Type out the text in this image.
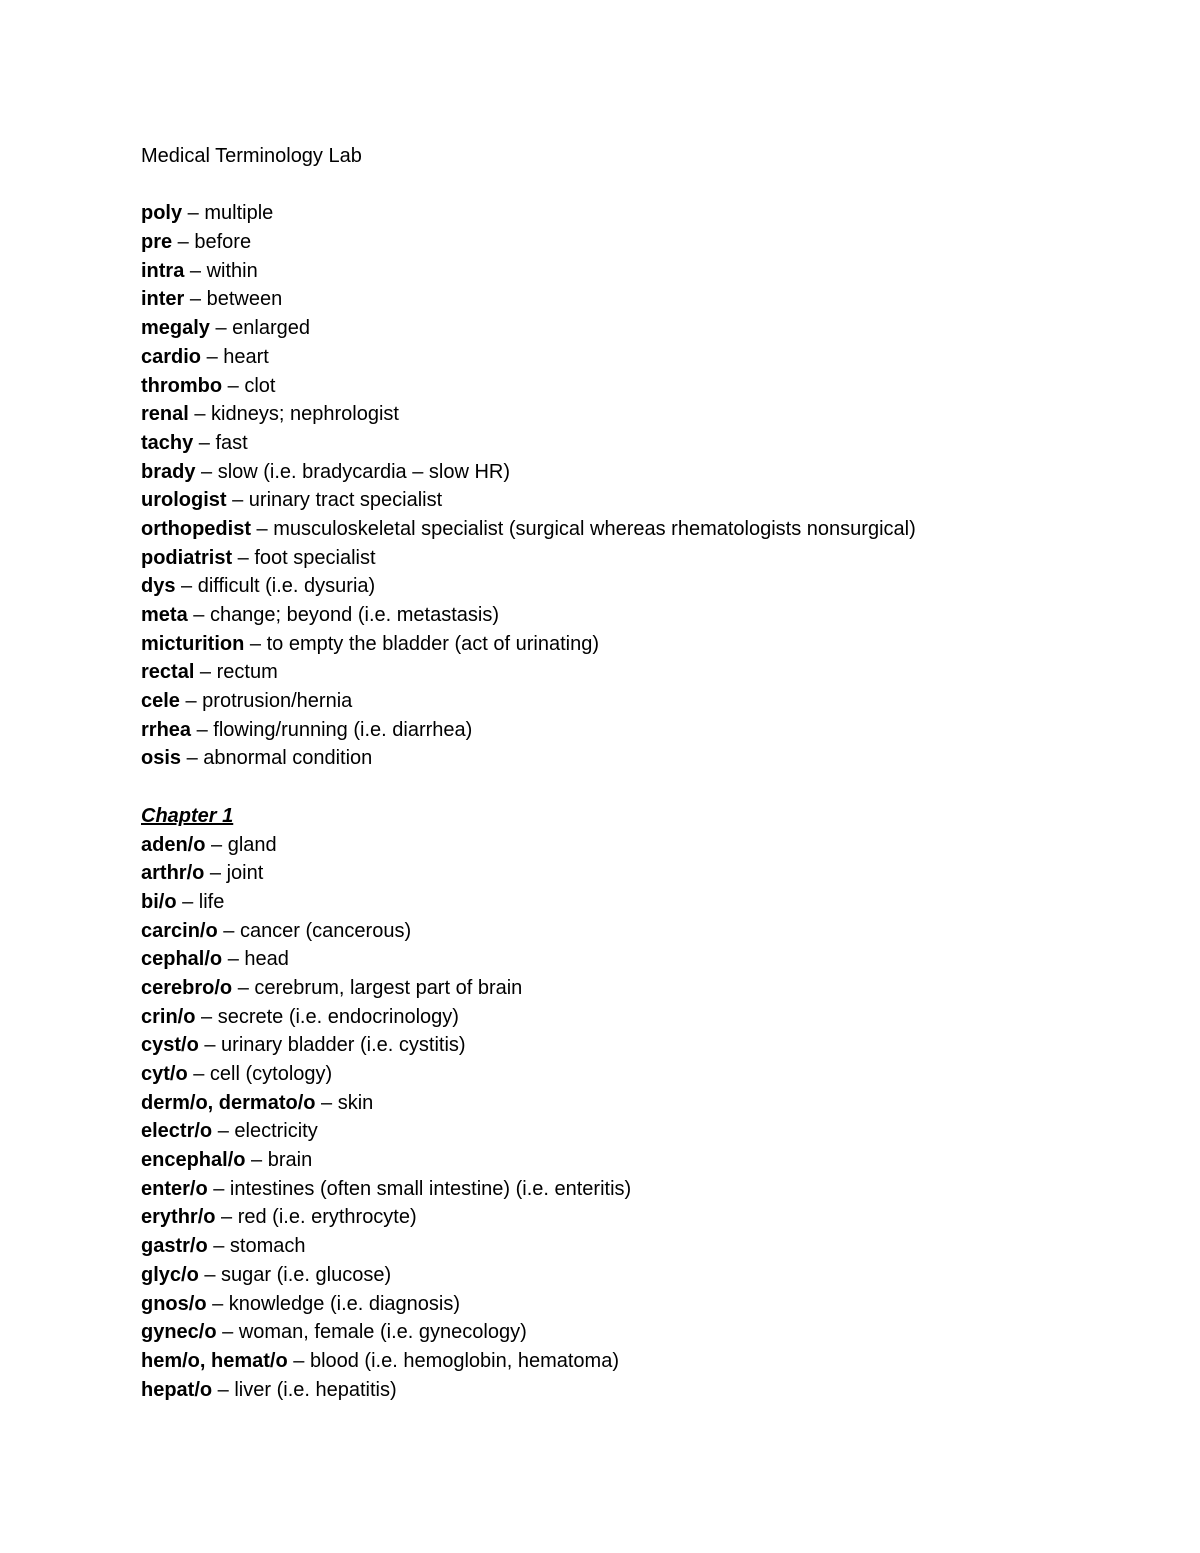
Medical Terminology Lab
poly – multiple
pre – before
intra – within
inter – between
megaly – enlarged
cardio – heart
thrombo – clot
renal – kidneys; nephrologist
tachy – fast
brady – slow (i.e. bradycardia – slow HR)
urologist – urinary tract specialist
orthopedist – musculoskeletal specialist (surgical whereas rhematologists nonsurgical)
podiatrist – foot specialist
dys – difficult (i.e. dysuria)
meta – change; beyond (i.e. metastasis)
micturition – to empty the bladder (act of urinating)
rectal – rectum
cele – protrusion/hernia
rrhea – flowing/running (i.e. diarrhea)
osis – abnormal condition
Chapter 1
aden/o – gland
arthr/o – joint
bi/o – life
carcin/o – cancer (cancerous)
cephal/o – head
cerebro/o – cerebrum, largest part of brain
crin/o – secrete (i.e. endocrinology)
cyst/o – urinary bladder (i.e. cystitis)
cyt/o – cell (cytology)
derm/o, dermato/o – skin
electr/o – electricity
encephal/o – brain
enter/o – intestines (often small intestine) (i.e. enteritis)
erythr/o – red (i.e. erythrocyte)
gastr/o – stomach
glyc/o – sugar (i.e. glucose)
gnos/o – knowledge (i.e. diagnosis)
gynec/o – woman, female (i.e. gynecology)
hem/o, hemat/o – blood (i.e. hemoglobin, hematoma)
hepat/o – liver (i.e. hepatitis)
